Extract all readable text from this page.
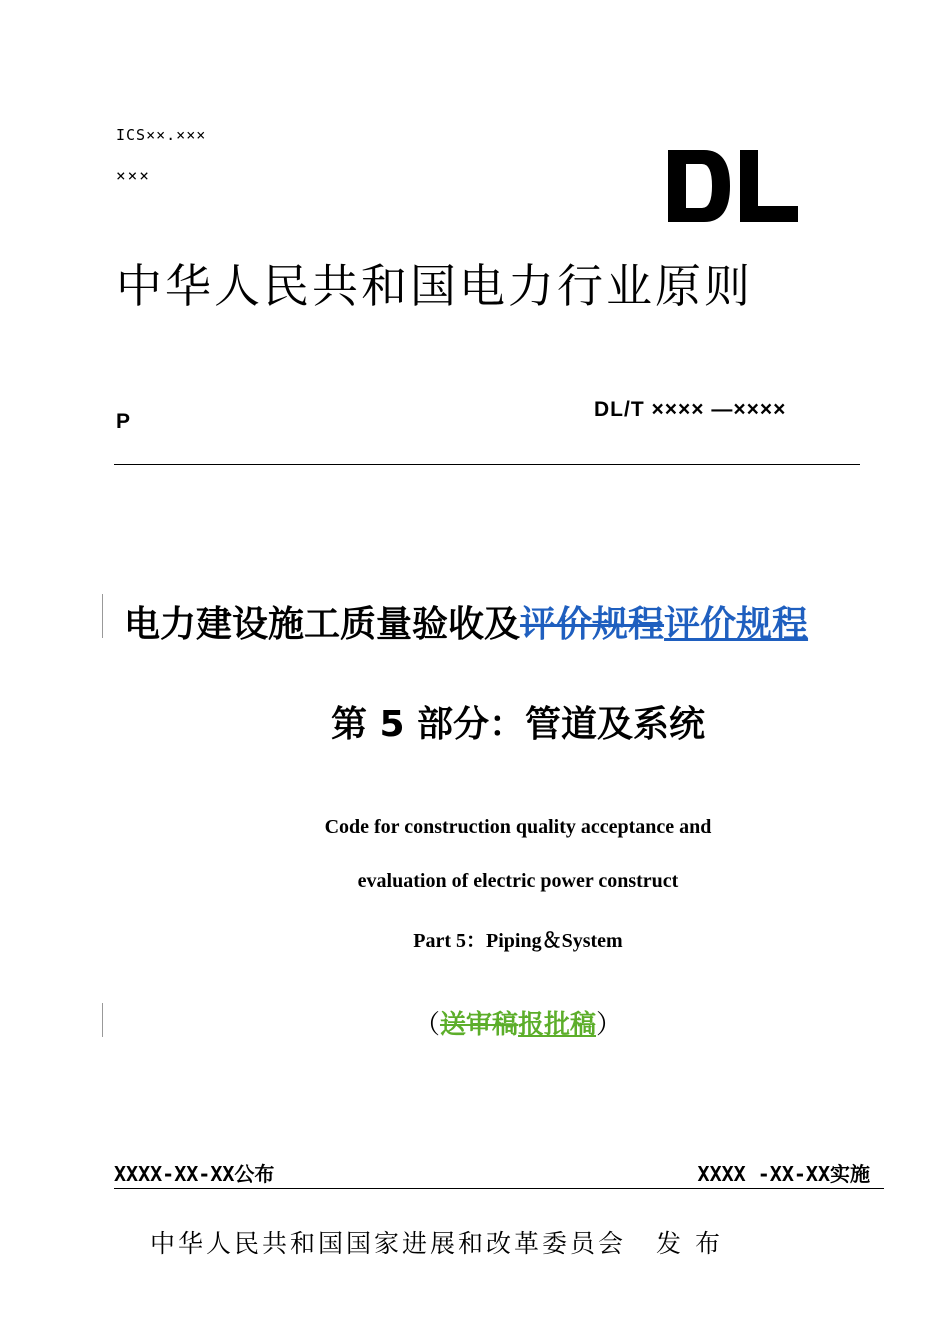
ICS××.×××
×××
中华人民共和国电力行业原则
P
DL/T ×××× —××××
电力建设施工质量验收及评价规程评价规程
第 5 部分：管道及系统
Code for construction quality acceptance and
evaluation of electric power construct
Part 5：Piping＆System
（送审稿报批稿）
XXXX-XX-XX公布	XXXX -XX-XX实施
中华人民共和国国家进展和改革委员会 发布
